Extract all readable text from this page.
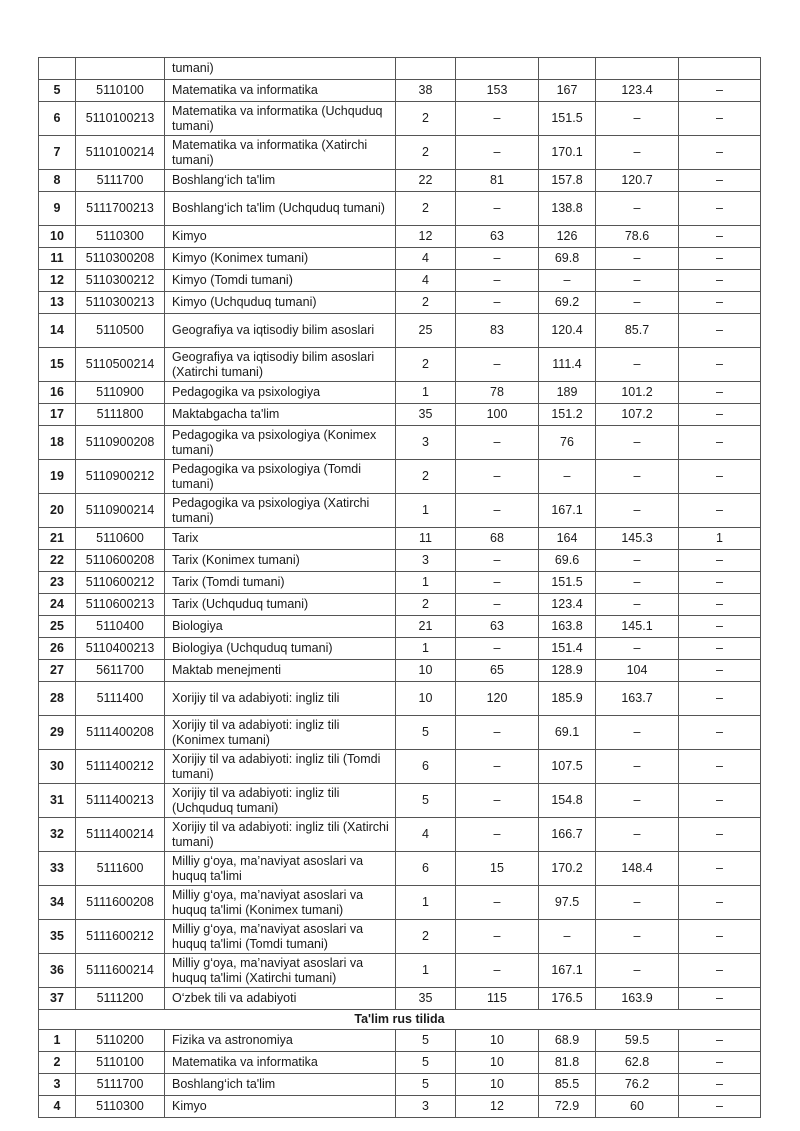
		tumani)					
5	5110100	Matematika va informatika	38	153	167	123.4	–
6	5110100213	Matematika va informatika (Uchquduq tumani)	2	–	151.5	–	–
7	5110100214	Matematika va informatika (Xatirchi tumani)	2	–	170.1	–	–
8	5111700	Boshlang‘ich ta'lim	22	81	157.8	120.7	–
9	5111700213	Boshlang‘ich ta'lim (Uchquduq tumani)	2	–	138.8	–	–
10	5110300	Kimyo	12	63	126	78.6	–
11	5110300208	Kimyo (Konimex tumani)	4	–	69.8	–	–
12	5110300212	Kimyo (Tomdi tumani)	4	–	–	–	–
13	5110300213	Kimyo (Uchquduq tumani)	2	–	69.2	–	–
14	5110500	Geografiya va iqtisodiy bilim asoslari	25	83	120.4	85.7	–
15	5110500214	Geografiya va iqtisodiy bilim asoslari (Xatirchi tumani)	2	–	111.4	–	–
16	5110900	Pedagogika va psixologiya	1	78	189	101.2	–
17	5111800	Maktabgacha ta'lim	35	100	151.2	107.2	–
18	5110900208	Pedagogika va psixologiya (Konimex tumani)	3	–	76	–	–
19	5110900212	Pedagogika va psixologiya (Tomdi tumani)	2	–	–	–	–
20	5110900214	Pedagogika va psixologiya (Xatirchi tumani)	1	–	167.1	–	–
21	5110600	Tarix	11	68	164	145.3	1
22	5110600208	Tarix (Konimex tumani)	3	–	69.6	–	–
23	5110600212	Tarix (Tomdi tumani)	1	–	151.5	–	–
24	5110600213	Tarix (Uchquduq tumani)	2	–	123.4	–	–
25	5110400	Biologiya	21	63	163.8	145.1	–
26	5110400213	Biologiya (Uchquduq tumani)	1	–	151.4	–	–
27	5611700	Maktab menejmenti	10	65	128.9	104	–
28	5111400	Xorijiy til va adabiyoti: ingliz tili	10	120	185.9	163.7	–
29	5111400208	Xorijiy til va adabiyoti: ingliz tili (Konimex tumani)	5	–	69.1	–	–
30	5111400212	Xorijiy til va adabiyoti: ingliz tili (Tomdi tumani)	6	–	107.5	–	–
31	5111400213	Xorijiy til va adabiyoti: ingliz tili (Uchquduq tumani)	5	–	154.8	–	–
32	5111400214	Xorijiy til va adabiyoti: ingliz tili (Xatirchi tumani)	4	–	166.7	–	–
33	5111600	Milliy g‘oya, ma’naviyat asoslari va huquq ta'limi	6	15	170.2	148.4	–
34	5111600208	Milliy g‘oya, ma’naviyat asoslari va huquq ta'limi (Konimex tumani)	1	–	97.5	–	–
35	5111600212	Milliy g‘oya, ma’naviyat asoslari va huquq ta'limi (Tomdi tumani)	2	–	–	–	–
36	5111600214	Milliy g‘oya, ma’naviyat asoslari va huquq ta'limi (Xatirchi tumani)	1	–	167.1	–	–
37	5111200	O‘zbek tili va adabiyoti	35	115	176.5	163.9	–
Ta'lim rus tilida							
1	5110200	Fizika va astronomiya	5	10	68.9	59.5	–
2	5110100	Matematika va informatika	5	10	81.8	62.8	–
3	5111700	Boshlang‘ich ta'lim	5	10	85.5	76.2	–
4	5110300	Kimyo	3	12	72.9	60	–
